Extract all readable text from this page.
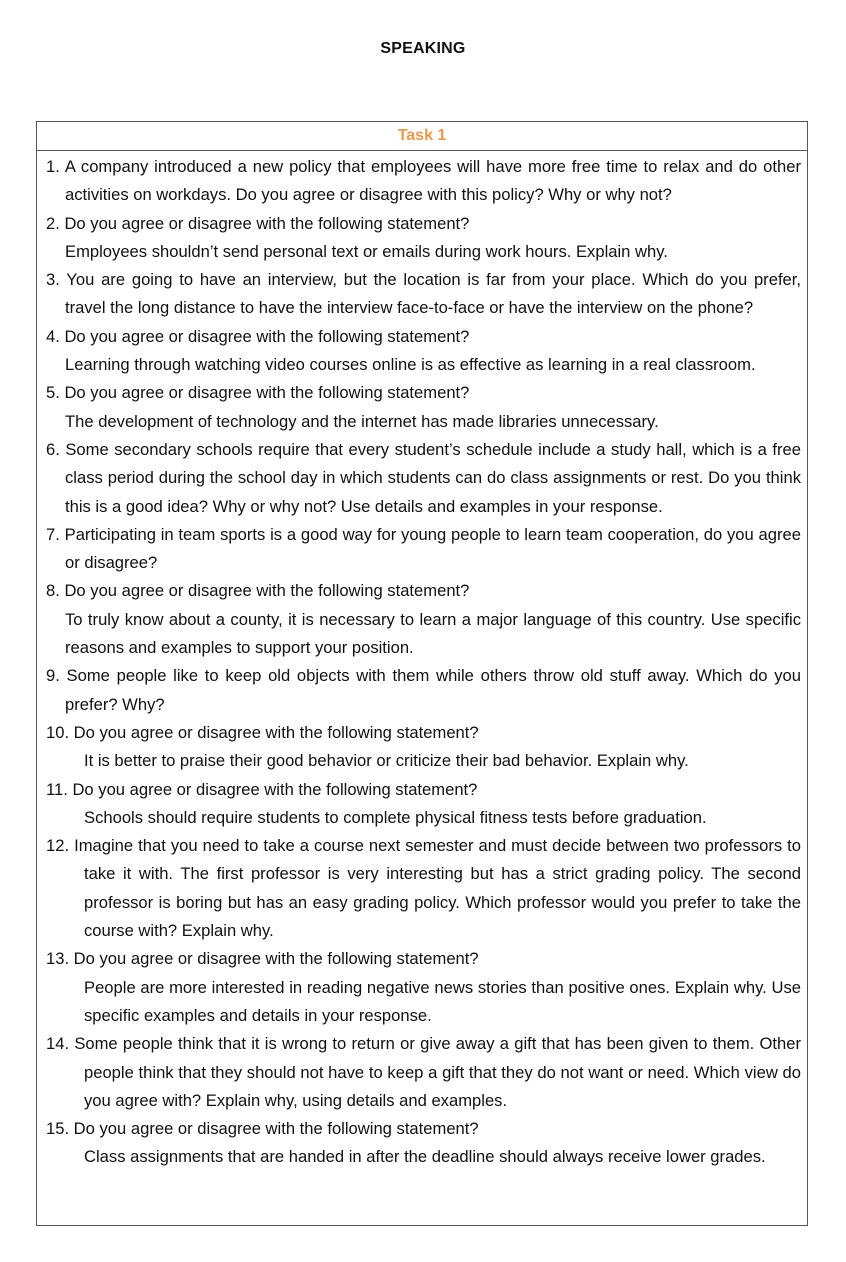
SPEAKING
Task 1

1. A company introduced a new policy that employees will have more free time to relax and do other activities on workdays. Do you agree or disagree with this policy? Why or why not?

2. Do you agree or disagree with the following statement?

Employees shouldn’t send personal text or emails during work hours. Explain why.

3. You are going to have an interview, but the location is far from your place. Which do you prefer, travel the long distance to have the interview face-to-face or have the interview on the phone?

4. Do you agree or disagree with the following statement?

Learning through watching video courses online is as effective as learning in a real classroom.

5. Do you agree or disagree with the following statement?

The development of technology and the internet has made libraries unnecessary.

6. Some secondary schools require that every student’s schedule include a study hall, which is a free class period during the school day in which students can do class assignments or rest. Do you think this is a good idea? Why or why not? Use details and examples in your response.

7. Participating in team sports is a good way for young people to learn team cooperation, do you agree or disagree?

8. Do you agree or disagree with the following statement?

To truly know about a county, it is necessary to learn a major language of this country. Use specific reasons and examples to support your position.

9. Some people like to keep old objects with them while others throw old stuff away. Which do you prefer? Why?

10. Do you agree or disagree with the following statement?

It is better to praise their good behavior or criticize their bad behavior. Explain why.

11. Do you agree or disagree with the following statement?

Schools should require students to complete physical fitness tests before graduation.

12. Imagine that you need to take a course next semester and must decide between two professors to take it with. The first professor is very interesting but has a strict grading policy. The second professor is boring but has an easy grading policy. Which professor would you prefer to take the course with? Explain why.

13. Do you agree or disagree with the following statement?

People are more interested in reading negative news stories than positive ones. Explain why. Use specific examples and details in your response.

14. Some people think that it is wrong to return or give away a gift that has been given to them. Other people think that they should not have to keep a gift that they do not want or need. Which view do you agree with? Explain why, using details and examples.

15. Do you agree or disagree with the following statement?

Class assignments that are handed in after the deadline should always receive lower grades.
